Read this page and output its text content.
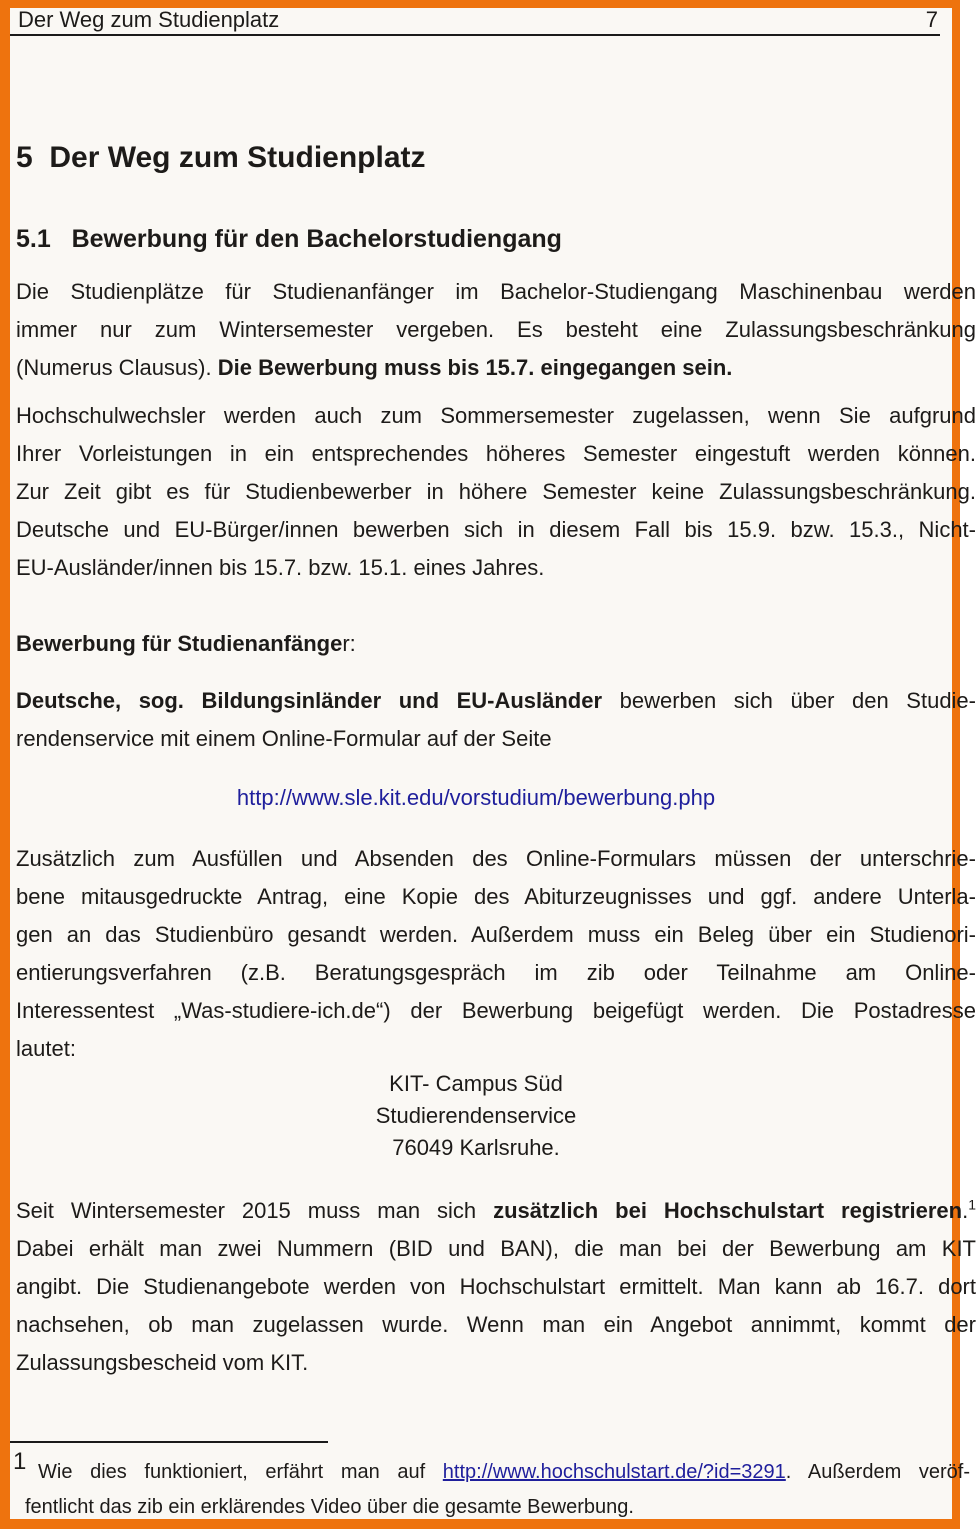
Der Weg zum Studienplatz	7
5  Der Weg zum Studienplatz
5.1   Bewerbung für den Bachelorstudiengang
Die Studienplätze für Studienanfänger im Bachelor-Studiengang Maschinenbau werden
immer nur zum Wintersemester vergeben. Es besteht eine Zulassungsbeschränkung
(Numerus Clausus). Die Bewerbung muss bis 15.7. eingegangen sein.
Hochschulwechsler werden auch zum Sommersemester zugelassen, wenn Sie aufgrund
Ihrer Vorleistungen in ein entsprechendes höheres Semester eingestuft werden können.
Zur Zeit gibt es für Studienbewerber in höhere Semester keine Zulassungsbeschränkung.
Deutsche und EU-Bürger/innen bewerben sich in diesem Fall bis 15.9. bzw. 15.3., Nicht-
EU-Ausländer/innen bis 15.7. bzw. 15.1. eines Jahres.
Bewerbung für Studienanfänger:
Deutsche, sog. Bildungsinländer und EU-Ausländer bewerben sich über den Studie-
rendenservice mit einem Online-Formular auf der Seite
http://www.sle.kit.edu/vorstudium/bewerbung.php
Zusätzlich zum Ausfüllen und Absenden des Online-Formulars müssen der unterschrie-
bene mitausgedruckte Antrag, eine Kopie des Abiturzeugnisses und ggf. andere Unterla-
gen an das Studienbüro gesandt werden. Außerdem muss ein Beleg über ein Studienori-
entierungsverfahren (z.B. Beratungsgespräch im zib oder Teilnahme am Online-
Interessentest „Was-studiere-ich.de“) der Bewerbung beigefügt werden. Die Postadresse
lautet:
KIT- Campus Süd
Studierendenservice
76049 Karlsruhe.
Seit Wintersemester 2015 muss man sich zusätzlich bei Hochschulstart registrieren.$^1$
Dabei erhält man zwei Nummern (BID und BAN), die man bei der Bewerbung am KIT
angibt. Die Studienangebote werden von Hochschulstart ermittelt. Man kann ab 16.7. dort
nachsehen, ob man zugelassen wurde. Wenn man ein Angebot annimmt, kommt der
Zulassungsbescheid vom KIT.
1 Wie dies funktioniert, erfährt man auf http://www.hochschulstart.de/?id=3291. Außerdem veröf-
fentlicht das zib ein erklärendes Video über die gesamte Bewerbung.
